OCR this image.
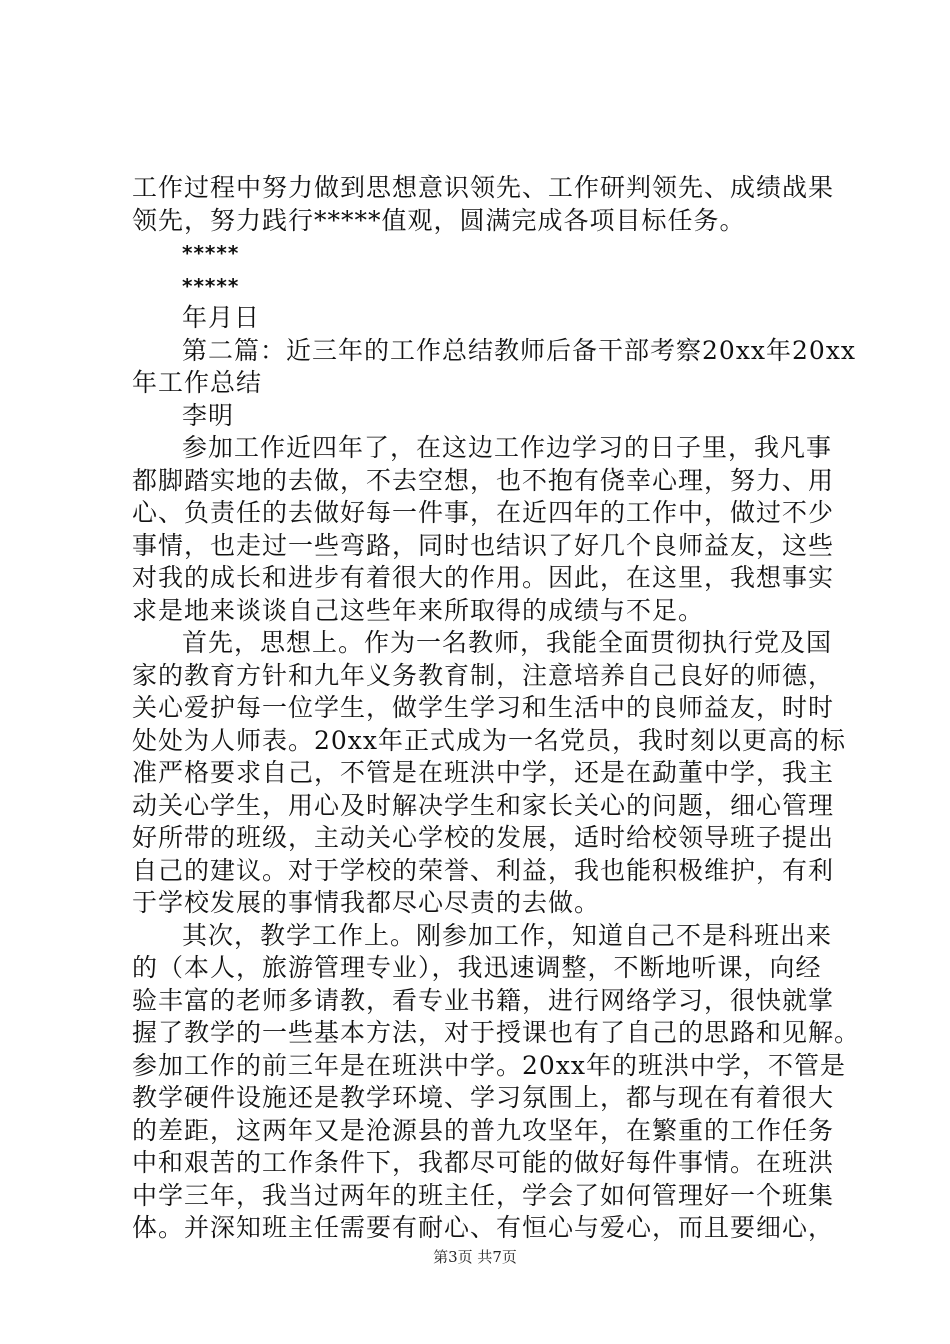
工作过程中努力做到思想意识领先、工作研判领先、成绩战果
领先，努力践行*****值观，圆满完成各项目标任务。
*****
*****
年月日
第二篇：近三年的工作总结教师后备干部考察20xx年20xx
年工作总结
李明
参加工作近四年了，在这边工作边学习的日子里，我凡事
都脚踏实地的去做，不去空想，也不抱有侥幸心理，努力、用
心、负责任的去做好每一件事，在近四年的工作中，做过不少
事情，也走过一些弯路，同时也结识了好几个良师益友，这些
对我的成长和进步有着很大的作用。因此，在这里，我想事实
求是地来谈谈自己这些年来所取得的成绩与不足。
首先，思想上。作为一名教师，我能全面贯彻执行党及国
家的教育方针和九年义务教育制，注意培养自己良好的师德，
关心爱护每一位学生，做学生学习和生活中的良师益友，时时
处处为人师表。20xx年正式成为一名党员，我时刻以更高的标
准严格要求自己，不管是在班洪中学，还是在勐董中学，我主
动关心学生，用心及时解决学生和家长关心的问题，细心管理
好所带的班级，主动关心学校的发展，适时给校领导班子提出
自己的建议。对于学校的荣誉、利益，我也能积极维护，有利
于学校发展的事情我都尽心尽责的去做。
其次，教学工作上。刚参加工作，知道自己不是科班出来
的（本人，旅游管理专业），我迅速调整，不断地听课，向经
验丰富的老师多请教，看专业书籍，进行网络学习，很快就掌
握了教学的一些基本方法，对于授课也有了自己的思路和见解。
参加工作的前三年是在班洪中学。20xx年的班洪中学，不管是
教学硬件设施还是教学环境、学习氛围上，都与现在有着很大
的差距，这两年又是沧源县的普九攻坚年，在繁重的工作任务
中和艰苦的工作条件下，我都尽可能的做好每件事情。在班洪
中学三年，我当过两年的班主任，学会了如何管理好一个班集
体。并深知班主任需要有耐心、有恒心与爱心，而且要细心，
第3页 共7页
